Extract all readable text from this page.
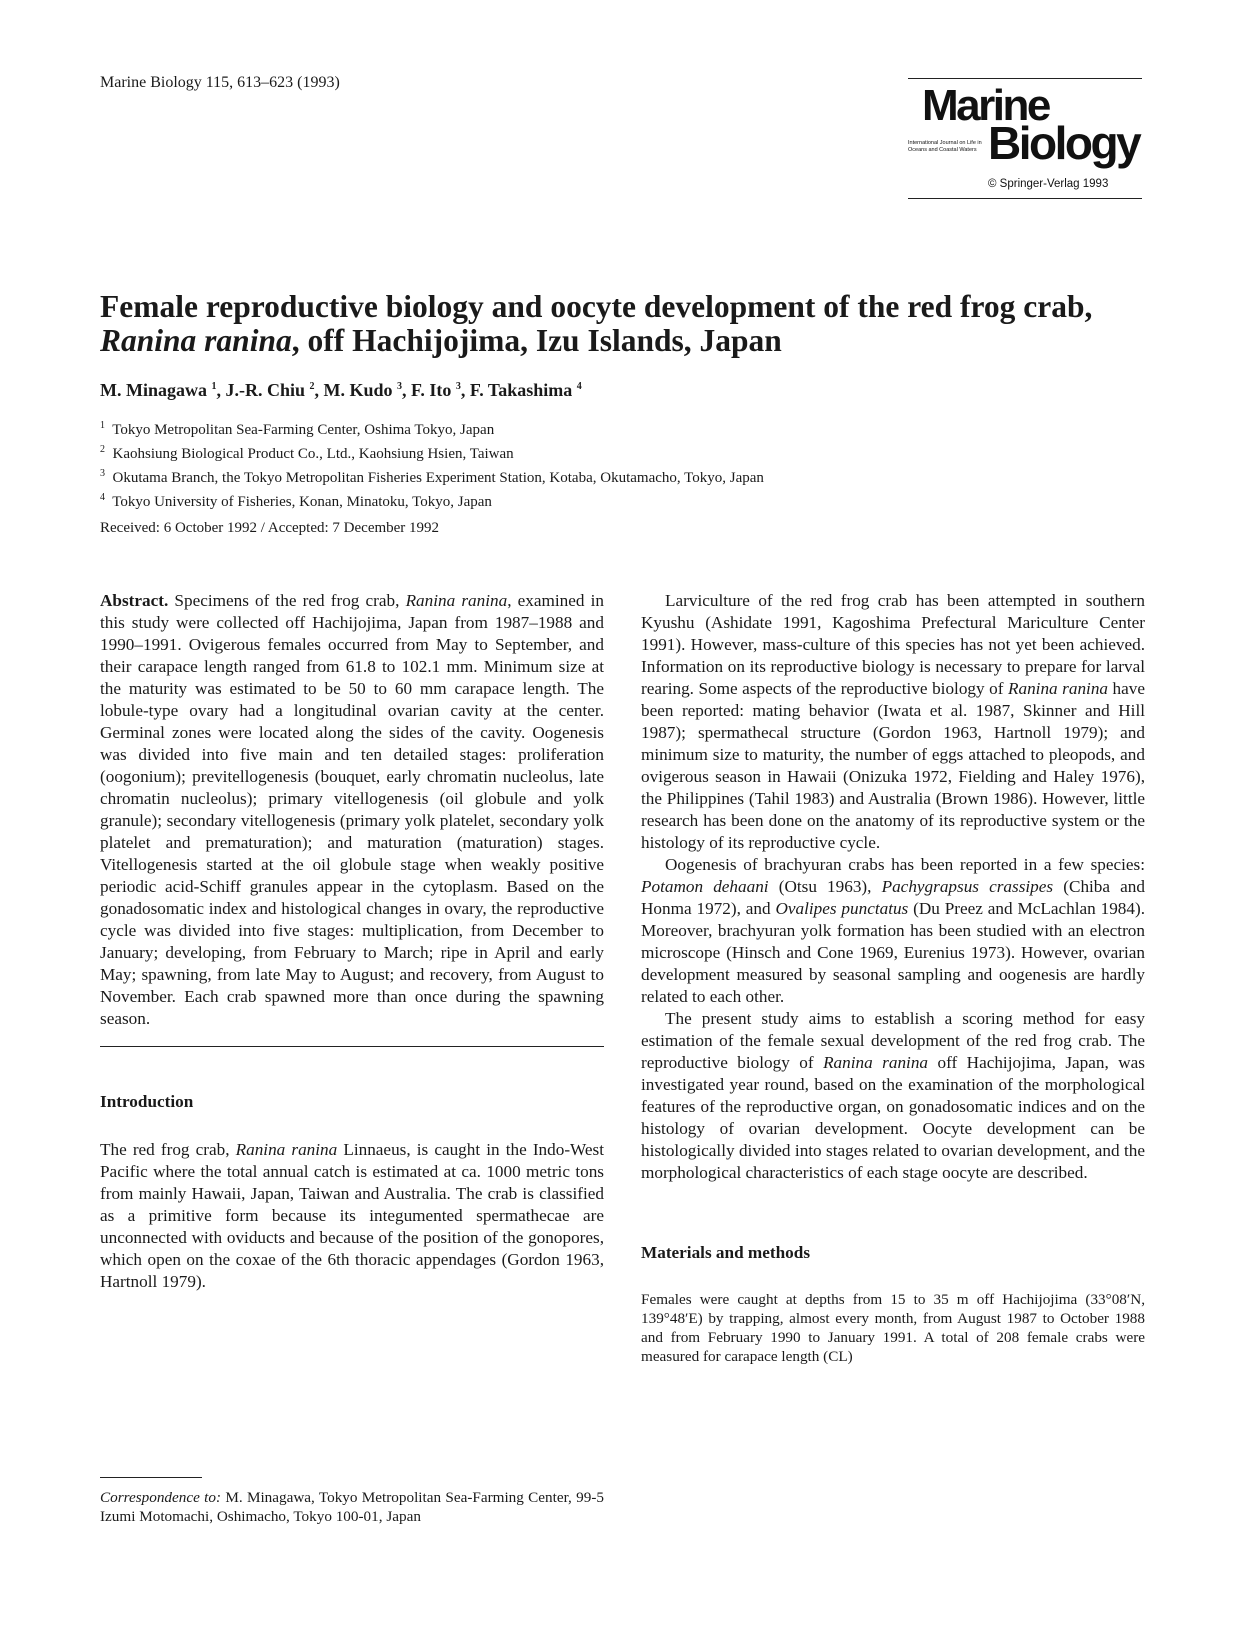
Marine Biology 115, 613–623 (1993)	Marine
International Journal on Life in Oceans and Coastal Waters Biology
© Springer-Verlag 1993
Female reproductive biology and oocyte development of the red frog crab, Ranina ranina, off Hachijojima, Izu Islands, Japan
M. Minagawa $^1$, J.-R. Chiu $^2$, M. Kudo $^3$, F. Ito $^3$, F. Takashima $^4$
$^1$ Tokyo Metropolitan Sea-Farming Center, Oshima Tokyo, Japan
$^2$ Kaohsiung Biological Product Co., Ltd., Kaohsiung Hsien, Taiwan
$^3$ Okutama Branch, the Tokyo Metropolitan Fisheries Experiment Station, Kotaba, Okutamacho, Tokyo, Japan
$^4$ Tokyo University of Fisheries, Konan, Minatoku, Tokyo, Japan
Received: 6 October 1992 / Accepted: 7 December 1992

Abstract. Specimens of the red frog crab, Ranina ranina, examined in this study were collected off Hachijojima, Japan from 1987–1988 and 1990–1991. Ovigerous females occurred from May to September, and their carapace length ranged from 61.8 to 102.1 mm. Minimum size at the maturity was estimated to be 50 to 60 mm carapace length. The lobule-type ovary had a longitudinal ovarian cavity at the center. Germinal zones were located along the sides of the cavity. Oogenesis was divided into five main and ten detailed stages: proliferation (oogonium); previtellogenesis (bouquet, early chromatin nucleolus, late chromatin nucleolus); primary vitellogenesis (oil globule and yolk granule); secondary vitellogenesis (primary yolk platelet, secondary yolk platelet and prematuration); and maturation (maturation) stages. Vitellogenesis started at the oil globule stage when weakly positive periodic acid-Schiff granules appear in the cytoplasm. Based on the gonadosomatic index and histological changes in ovary, the reproductive cycle was divided into five stages: multiplication, from December to January; developing, from February to March; ripe in April and early May; spawning, from late May to August; and recovery, from August to November. Each crab spawned more than once during the spawning season.

Introduction

The red frog crab, Ranina ranina Linnaeus, is caught in the Indo-West Pacific where the total annual catch is estimated at ca. 1000 metric tons from mainly Hawaii, Japan, Taiwan and Australia. The crab is classified as a primitive form because its integumented spermathecae are unconnected with oviducts and because of the position of the gonopores, which open on the coxae of the 6th thoracic appendages (Gordon 1963, Hartnoll 1979).

Correspondence to: M. Minagawa, Tokyo Metropolitan Sea-Farming Center, 99-5 Izumi Motomachi, Oshimacho, Tokyo 100-01, Japan

Larviculture of the red frog crab has been attempted in southern Kyushu (Ashidate 1991, Kagoshima Prefectural Mariculture Center 1991). However, mass-culture of this species has not yet been achieved. Information on its reproductive biology is necessary to prepare for larval rearing. Some aspects of the reproductive biology of Ranina ranina have been reported: mating behavior (Iwata et al. 1987, Skinner and Hill 1987); spermathecal structure (Gordon 1963, Hartnoll 1979); and minimum size to maturity, the number of eggs attached to pleopods, and ovigerous season in Hawaii (Onizuka 1972, Fielding and Haley 1976), the Philippines (Tahil 1983) and Australia (Brown 1986). However, little research has been done on the anatomy of its reproductive system or the histology of its reproductive cycle.

Oogenesis of brachyuran crabs has been reported in a few species: Potamon dehaani (Otsu 1963), Pachygrapsus crassipes (Chiba and Honma 1972), and Ovalipes punctatus (Du Preez and McLachlan 1984). Moreover, brachyuran yolk formation has been studied with an electron microscope (Hinsch and Cone 1969, Eurenius 1973). However, ovarian development measured by seasonal sampling and oogenesis are hardly related to each other.

The present study aims to establish a scoring method for easy estimation of the female sexual development of the red frog crab. The reproductive biology of Ranina ranina off Hachijojima, Japan, was investigated year round, based on the examination of the morphological features of the reproductive organ, on gonadosomatic indices and on the histology of ovarian development. Oocyte development can be histologically divided into stages related to ovarian development, and the morphological characteristics of each stage oocyte are described.

Materials and methods

Females were caught at depths from 15 to 35 m off Hachijojima (33°08′N, 139°48′E) by trapping, almost every month, from August 1987 to October 1988 and from February 1990 to January 1991. A total of 208 female crabs were measured for carapace length (CL)
